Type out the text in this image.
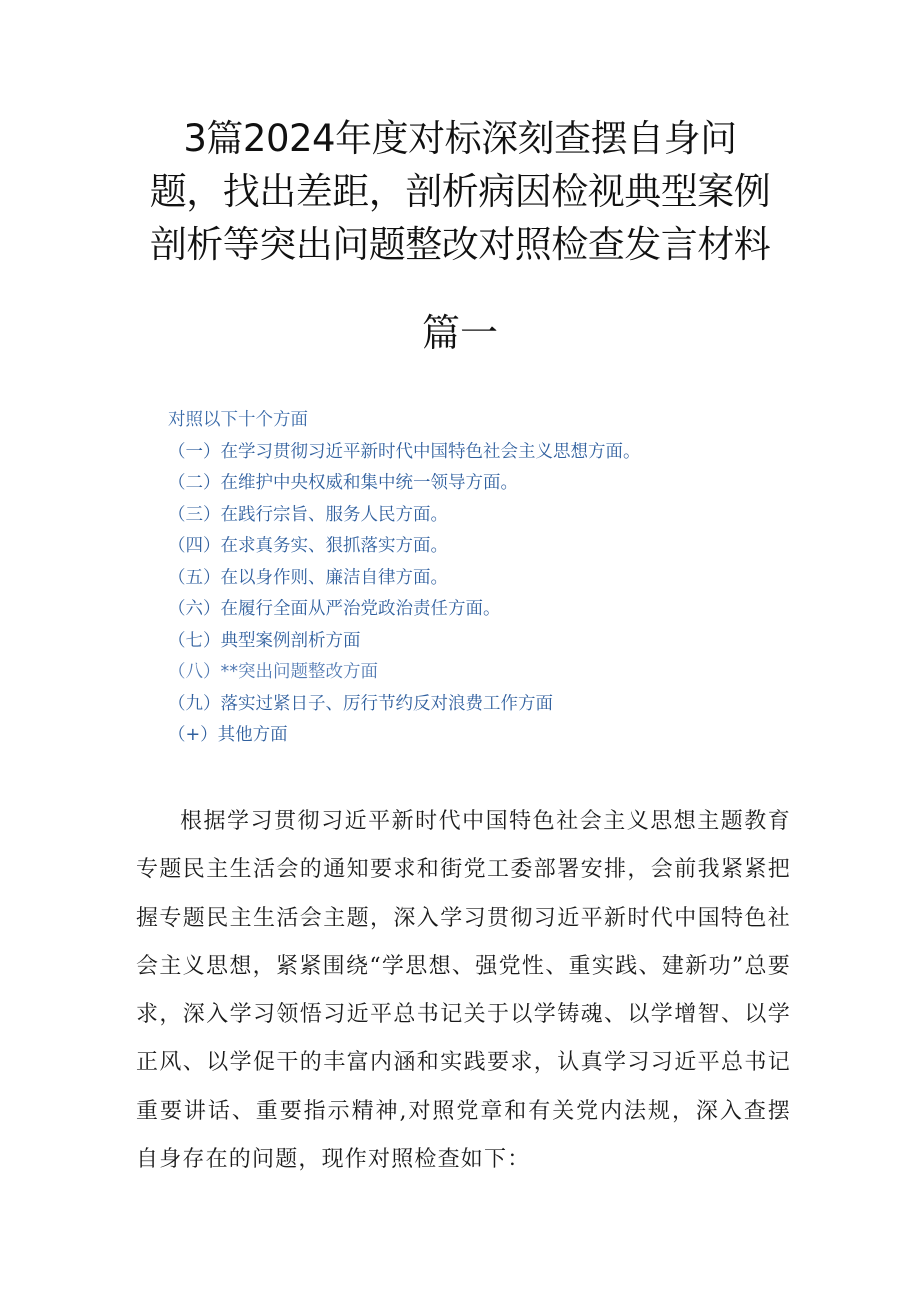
3篇2024年度对标深刻查摆自身问
题，找出差距，剖析病因检视典型案例
剖析等突出问题整改对照检查发言材料
篇一

对照以下十个方面

（一）在学习贯彻习近平新时代中国特色社会主义思想方面。

（二）在维护中央权威和集中统一领导方面。

（三）在践行宗旨、服务人民方面。

（四）在求真务实、狠抓落实方面。

（五）在以身作则、廉洁自律方面。

（六）在履行全面从严治党政治责任方面。

（七）典型案例剖析方面

（八）**突出问题整改方面

（九）落实过紧日子、厉行节约反对浪费工作方面

（+）其他方面

根据学习贯彻习近平新时代中国特色社会主义思想主题教育专题民主生活会的通知要求和街党工委部署安排，会前我紧紧把握专题民主生活会主题，深入学习贯彻习近平新时代中国特色社会主义思想，紧紧围绕“学思想、强党性、重实践、建新功”总要求，深入学习领悟习近平总书记关于以学铸魂、以学增智、以学正风、以学促干的丰富内涵和实践要求，认真学习习近平总书记重要讲话、重要指示精神,对照党章和有关党内法规，深入查摆自身存在的问题，现作对照检查如下：
